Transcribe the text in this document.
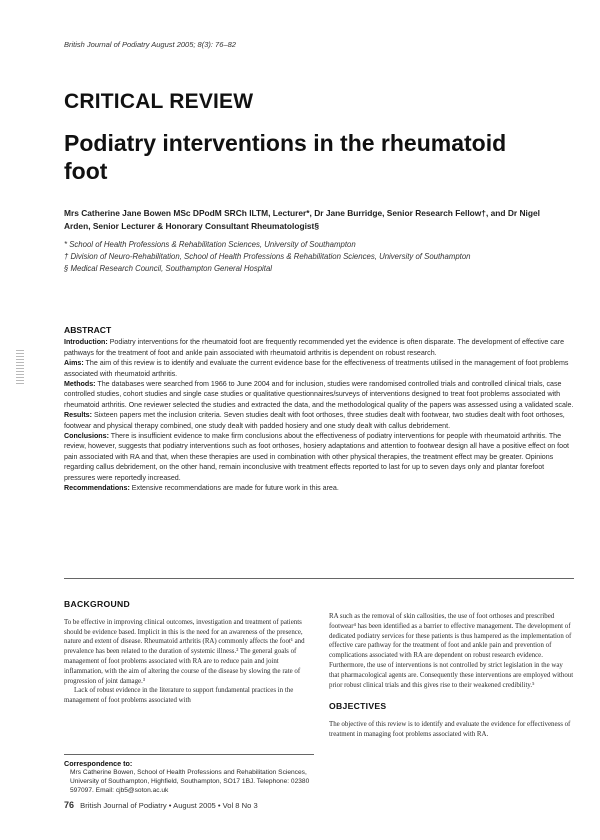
British Journal of Podiatry August 2005; 8(3): 76–82
CRITICAL REVIEW
Podiatry interventions in the rheumatoid foot
Mrs Catherine Jane Bowen MSc DPodM SRCh ILTM, Lecturer*, Dr Jane Burridge, Senior Research Fellow†, and Dr Nigel Arden, Senior Lecturer & Honorary Consultant Rheumatologist§

* School of Health Professions & Rehabilitation Sciences, University of Southampton

† Division of Neuro-Rehabilitation, School of Health Professions & Rehabilitation Sciences, University of Southampton

§ Medical Research Council, Southampton General Hospital

ABSTRACT

Introduction: Podiatry interventions for the rheumatoid foot are frequently recommended yet the evidence is often disparate. The development of effective care pathways for the treatment of foot and ankle pain associated with rheumatoid arthritis is dependent on robust research.

Aims: The aim of this review is to identify and evaluate the current evidence base for the effectiveness of treatments utilised in the management of foot problems associated with rheumatoid arthritis.

Methods: The databases were searched from 1966 to June 2004 and for inclusion, studies were randomised controlled trials and controlled clinical trials, case controlled studies, cohort studies and single case studies or qualitative questionnaires/surveys of interventions designed to treat foot problems associated with rheumatoid arthritis. One reviewer selected the studies and extracted the data, and the methodological quality of the papers was assessed using a validated scale.

Results: Sixteen papers met the inclusion criteria. Seven studies dealt with foot orthoses, three studies dealt with footwear, two studies dealt with foot orthoses, footwear and physical therapy combined, one study dealt with padded hosiery and one study dealt with callus debridement.

Conclusions: There is insufficient evidence to make firm conclusions about the effectiveness of podiatry interventions for people with rheumatoid arthritis. The review, however, suggests that podiatry interventions such as foot orthoses, hosiery adaptations and attention to footwear design all have a positive effect on foot pain associated with RA and that, when these therapies are used in combination with other physical therapies, the treatment effect may be greater. Opinions regarding callus debridement, on the other hand, remain inconclusive with treatment effects reported to last for up to seven days only and plantar forefoot pressures were reportedly increased.

Recommendations: Extensive recommendations are made for future work in this area.

BACKGROUND

To be effective in improving clinical outcomes, investigation and treatment of patients should be evidence based. Implicit in this is the need for an awareness of the presence, nature and extent of disease. Rheumatoid arthritis (RA) commonly affects the foot¹ and prevalence has been related to the duration of systemic illness.² The general goals of management of foot problems associated with RA are to reduce pain and joint inflammation, with the aim of altering the course of the disease by slowing the rate of progression of joint damage.³

Lack of robust evidence in the literature to support fundamental practices in the management of foot problems associated with

RA such as the removal of skin callosities, the use of foot orthoses and prescribed footwear⁴ has been identified as a barrier to effective management. The development of dedicated podiatry services for these patients is thus hampered as the implementation of effective care pathway for the treatment of foot and ankle pain and prevention of complications associated with RA are dependent on robust research evidence. Furthermore, the use of interventions is not controlled by strict legislation in the way that pharmacological agents are. Consequently these interventions are employed without prior robust clinical trials and this gives rise to their weakened credibility.⁵

OBJECTIVES

The objective of this review is to identify and evaluate the evidence for effectiveness of treatment in managing foot problems associated with RA.

Correspondence to:
Mrs Catherine Bowen, School of Health Professions and Rehabilitation Sciences, University of Southampton, Highfield, Southampton, SO17 1BJ. Telephone: 02380 597097. Email: cjb5@soton.ac.uk
76 British Journal of Podiatry • August 2005 • Vol 8 No 3
